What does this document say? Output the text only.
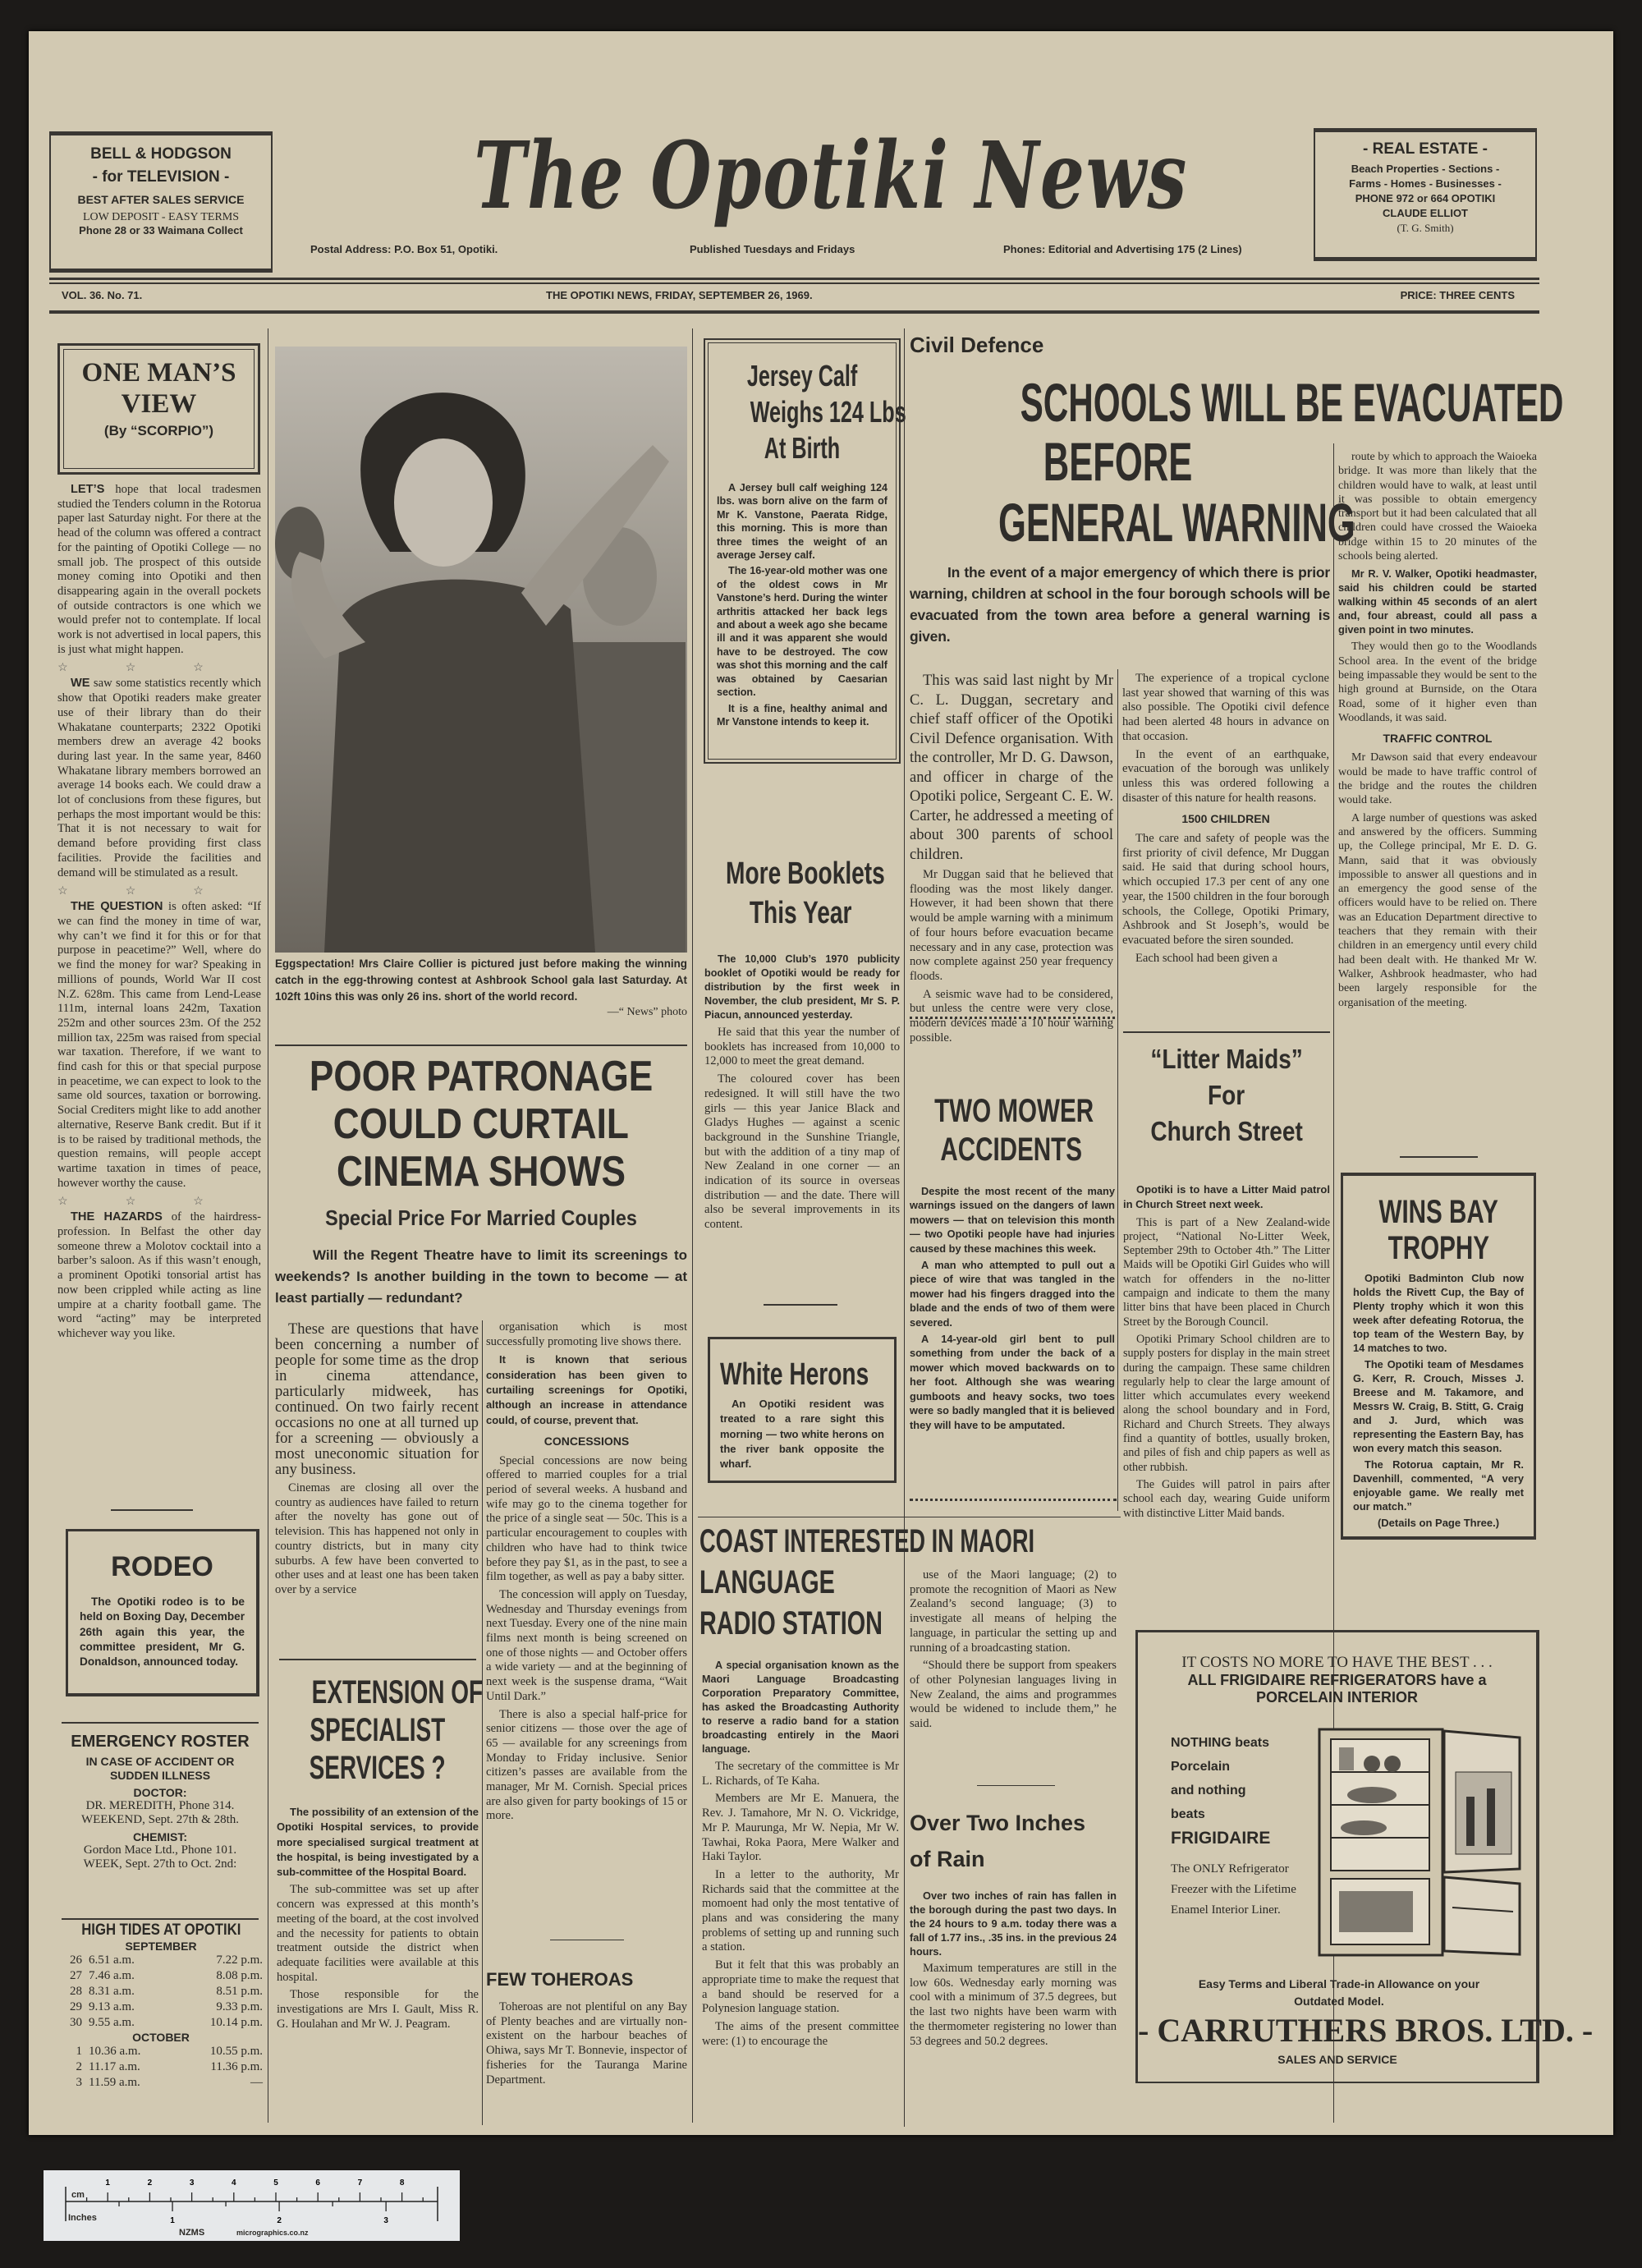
BELL & HODGSON
- for TELEVISION -
BEST AFTER SALES SERVICE
LOW DEPOSIT - EASY TERMS
Phone 28 or 33 Waimana Collect
The Opotiki News
Postal Address: P.O. Box 51, Opotiki.	Published Tuesdays and Fridays	Phones: Editorial and Advertising 175 (2 Lines)
- REAL ESTATE -
Beach Properties - Sections -
Farms - Homes - Businesses -
PHONE 972 or 664 OPOTIKI
CLAUDE ELLIOT
(T. G. Smith)
VOL. 36. No. 71.	THE OPOTIKI NEWS, FRIDAY, SEPTEMBER 26, 1969.	PRICE: THREE CENTS
ONE MAN’S
VIEW
(By “SCORPIO”)

LET’S hope that local tradesmen studied the Tenders column in the Rotorua paper last Saturday night. For there at the head of the column was offered a contract for the painting of Opotiki College — no small job. The prospect of this outside money coming into Opotiki and then disappearing again in the overall pockets of outside contractors is one which we would prefer not to contemplate. If local work is not advertised in local papers, this is just what might happen.

☆☆☆

WE saw some statistics recently which show that Opotiki readers make greater use of their library than do their Whakatane counterparts; 2322 Opotiki members drew an average 42 books during last year. In the same year, 8460 Whakatane library members borrowed an average 14 books each. We could draw a lot of conclusions from these figures, but perhaps the most important would be this: That it is not necessary to wait for demand before providing first class facilities. Provide the facilities and demand will be stimulated as a result.

☆☆☆

THE QUESTION is often asked: “If we can find the money in time of war, why can’t we find it for this or for that purpose in peacetime?” Well, where do we find the money for war? Speaking in millions of pounds, World War II cost N.Z. 628m. This came from Lend-Lease 111m, internal loans 242m, Taxation 252m and other sources 23m. Of the 252 million tax, 225m was raised from special war taxation. Therefore, if we want to find cash for this or that special purpose in peacetime, we can expect to look to the same old sources, taxation or borrowing. Social Crediters might like to add another alternative, Reserve Bank credit. But if it is to be raised by traditional methods, the question remains, will people accept wartime taxation in times of peace, however worthy the cause.

☆☆☆

THE HAZARDS of the hairdress-profession. In Belfast the other day someone threw a Molotov cocktail into a barber’s saloon. As if this wasn’t enough, a prominent Opotiki tonsorial artist has now been crippled while acting as line umpire at a charity football game. The word “acting” may be interpreted whichever way you like.

RODEO
The Opotiki rodeo is to be held on Boxing Day, December 26th again this year, the committee president, Mr G. Donaldson, announced today.
EMERGENCY ROSTER
IN CASE OF ACCIDENT OR SUDDEN ILLNESS
DOCTOR:
DR. MEREDITH, Phone 314.
WEEKEND, Sept. 27th & 28th.
CHEMIST:
Gordon Mace Ltd., Phone 101.
WEEK, Sept. 27th to Oct. 2nd:
HIGH TIDES AT OPOTIKI
SEPTEMBER
26	6.51 a.m.	7.22 p.m.
27	7.46 a.m.	8.08 p.m.
28	8.31 a.m.	8.51 p.m.
29	9.13 a.m.	9.33 p.m.
30	9.55 a.m.	10.14 p.m.
OCTOBER
1	10.36 a.m.	10.55 p.m.
2	11.17 a.m.	11.36 p.m.
3	11.59 a.m.	—
Eggspectation! Mrs Claire Collier is pictured just before making the winning catch in the egg-throwing contest at Ashbrook School gala last Saturday. At 102ft 10ins this was only 26 ins. short of the world record.
—“ News” photo
POOR PATRONAGE
COULD CURTAIL
CINEMA SHOWS
Special Price For Married Couples
Will the Regent Theatre have to limit its screenings to weekends? Is another building in the town to become — at least partially — redundant?

These are questions that have been concerning a number of people for some time as the drop in cinema attendance, particularly midweek, has continued. On two fairly recent occasions no one at all turned up for a screening — obviously a most uneconomic situation for any business.

Cinemas are closing all over the country as audiences have failed to return after the novelty has gone out of television. This has happened not only in country districts, but in many city suburbs. A few have been converted to other uses and at least one has been taken over by a service

organisation which is most successfully promoting live shows there.

It is known that serious consideration has been given to curtailing screenings for Opotiki, although an increase in attendance could, of course, prevent that.

CONCESSIONS

Special concessions are now being offered to married couples for a trial period of several weeks. A husband and wife may go to the cinema together for the price of a single seat — 50c. This is a particular encouragement to couples with children who have had to think twice before they pay $1, as in the past, to see a film together, as well as pay a baby sitter.

The concession will apply on Tuesday, Wednesday and Thursday evenings from next Tuesday. Every one of the nine main films next month is being screened on one of those nights — and October offers a wide variety — and at the beginning of next week is the suspense drama, “Wait Until Dark.”

There is also a special half-price for senior citizens — those over the age of 65 — available for any screenings from Monday to Friday inclusive. Senior citizen’s passes are available from the manager, Mr M. Cornish. Special prices are also given for party bookings of 15 or more.

EXTENSION OF
SPECIALIST
SERVICES ?

The possibility of an extension of the Opotiki Hospital services, to provide more specialised surgical treatment at the hospital, is being investigated by a sub-committee of the Hospital Board.

The sub-committee was set up after concern was expressed at this month’s meeting of the board, at the cost involved and the necessity for patients to obtain treatment outside the district when adequate facilities were available at this hospital.

Those responsible for the investigations are Mrs I. Gault, Miss R. G. Houlahan and Mr W. J. Peagram.

FEW TOHEROAS

Toheroas are not plentiful on any Bay of Plenty beaches and are virtually non-existent on the harbour beaches of Ohiwa, says Mr T. Bonnevie, inspector of fisheries for the Tauranga Marine Department.

Jersey Calf
Weighs 124 Lbs
At Birth

A Jersey bull calf weighing 124 lbs. was born alive on the farm of Mr K. Vanstone, Paerata Ridge, this morning. This is more than three times the weight of an average Jersey calf.

The 16-year-old mother was one of the oldest cows in Mr Vanstone’s herd. During the winter arthritis attacked her back legs and about a week ago she became ill and it was apparent she would have to be destroyed. The cow was shot this morning and the calf was obtained by Caesarian section.

It is a fine, healthy animal and Mr Vanstone intends to keep it.

More Booklets
This Year

The 10,000 Club’s 1970 publicity booklet of Opotiki would be ready for distribution by the first week in November, the club president, Mr S. P. Piacun, announced yesterday.

He said that this year the number of booklets has increased from 10,000 to 12,000 to meet the great demand.

The coloured cover has been redesigned. It will still have the two girls — this year Janice Black and Gladys Hughes — against a scenic background in the Sunshine Triangle, but with the addition of a tiny map of New Zealand in one corner — an indication of its source in overseas distribution — and the date. There will also be several improvements in its content.

White Herons
An Opotiki resident was treated to a rare sight this morning — two white herons on the river bank opposite the wharf.
COAST INTERESTED IN MAORI
LANGUAGE
RADIO STATION

A special organisation known as the Maori Language Broadcasting Corporation Preparatory Committee, has asked the Broadcasting Authority to reserve a radio band for a station broadcasting entirely in the Maori language.

The secretary of the committee is Mr L. Richards, of Te Kaha.

Members are Mr E. Manuera, the Rev. J. Tamahore, Mr N. O. Vickridge, Mr P. Maurunga, Mr W. Nepia, Mr W. Tawhai, Roka Paora, Mere Walker and Haki Taylor.

In a letter to the authority, Mr Richards said that the committee at the momoent had only the most tentative of plans and was considering the many problems of setting up and running such a station.

But it felt that this was probably an appropriate time to make the request that a band should be reserved for a Polynesion language station.

The aims of the present committee were: (1) to encourage the

use of the Maori language; (2) to promote the recognition of Maori as New Zealand’s second language; (3) to investigate all means of helping the language, in particular the setting up and running of a broadcasting station.

“Should there be support from speakers of other Polynesian languages living in New Zealand, the aims and programmes would be widened to include them,” he said.

Over Two Inches
of Rain

Over two inches of rain has fallen in the borough during the past two days. In the 24 hours to 9 a.m. today there was a fall of 1.77 ins., .35 ins. in the previous 24 hours.

Maximum temperatures are still in the low 60s. Wednesday early morning was cool with a minimum of 37.5 degrees, but the last two nights have been warm with the thermometer registering no lower than 53 degrees and 50.2 degrees.

Civil Defence
SCHOOLS WILL BE EVACUATED
BEFORE
GENERAL WARNING
In the event of a major emergency of which there is prior warning, children at school in the four borough schools will be evacuated from the town area before a general warning is given.

This was said last night by Mr C. L. Duggan, secretary and chief staff officer of the Opotiki Civil Defence organisation. With the controller, Mr D. G. Dawson, and officer in charge of the Opotiki police, Sergeant C. E. W. Carter, he addressed a meeting of about 300 parents of school children.

Mr Duggan said that he believed that flooding was the most likely danger. However, it had been shown that there would be ample warning with a minimum of four hours before evacuation became necessary and in any case, protection was now complete against 250 year frequency floods.

A seismic wave had to be considered, but unless the centre were very close, modern devices made a 10 hour warning possible.

The experience of a tropical cyclone last year showed that warning of this was also possible. The Opotiki civil defence had been alerted 48 hours in advance on that occasion.

In the event of an earthquake, evacuation of the borough was unlikely unless this was ordered following a disaster of this nature for health reasons.

1500 CHILDREN

The care and safety of people was the first priority of civil defence, Mr Duggan said. He said that during school hours, which occupied 17.3 per cent of any one year, the 1500 children in the four borough schools, the College, Opotiki Primary, Ashbrook and St Joseph’s, would be evacuated before the siren sounded.

Each school had been given a

route by which to approach the Waioeka bridge. It was more than likely that the children would have to walk, at least until it was possible to obtain emergency transport but it had been calculated that all children could have crossed the Waioeka bridge within 15 to 20 minutes of the schools being alerted.

Mr R. V. Walker, Opotiki headmaster, said his children could be started walking within 45 seconds of an alert and, four abreast, could all pass a given point in two minutes.

They would then go to the Woodlands School area. In the event of the bridge being impassable they would be sent to the high ground at Burnside, on the Otara Road, some of it higher even than Woodlands, it was said.

TRAFFIC CONTROL

Mr Dawson said that every endeavour would be made to have traffic control of the bridge and the routes the children would take.

A large number of questions was asked and answered by the officers. Summing up, the College principal, Mr E. D. G. Mann, said that it was obviously impossible to answer all questions and in an emergency the good sense of the officers would have to be relied on. There was an Education Department directive to teachers that they remain with their children in an emergency until every child had been dealt with. He thanked Mr W. Walker, Ashbrook headmaster, who had been largely responsible for the organisation of the meeting.

TWO MOWER
ACCIDENTS

Despite the most recent of the many warnings issued on the dangers of lawn mowers — that on television this month — two Opotiki people have had injuries caused by these machines this week.

A man who attempted to pull out a piece of wire that was tangled in the mower had his fingers dragged into the blade and the ends of two of them were severed.

A 14-year-old girl bent to pull something from under the back of a mower which moved backwards on to her foot. Although she was wearing gumboots and heavy socks, two toes were so badly mangled that it is believed they will have to be amputated.

“Litter Maids”
For
Church Street

Opotiki is to have a Litter Maid patrol in Church Street next week.

This is part of a New Zealand-wide project, “National No-Litter Week, September 29th to October 4th.” The Litter Maids will be Opotiki Girl Guides who will watch for offenders in the no-litter campaign and indicate to them the many litter bins that have been placed in Church Street by the Borough Council.

Opotiki Primary School children are to supply posters for display in the main street during the campaign. These same children regularly help to clear the large amount of litter which accumulates every weekend along the school boundary and in Ford, Richard and Church Streets. They always find a quantity of bottles, usually broken, and piles of fish and chip papers as well as other rubbish.

The Guides will patrol in pairs after school each day, wearing Guide uniform with distinctive Litter Maid bands.

WINS BAY
TROPHY

Opotiki Badminton Club now holds the Rivett Cup, the Bay of Plenty trophy which it won this week after defeating Rotorua, the top team of the Western Bay, by 14 matches to two.

The Opotiki team of Mesdames G. Kerr, R. Crouch, Misses J. Breese and M. Takamore, and Messrs W. Craig, B. Stitt, G. Craig and J. Jurd, which was representing the Eastern Bay, has won every match this season.

The Rotorua captain, Mr R. Davenhill, commented, “A very enjoyable game. We really met our match.”

(Details on Page Three.)
IT COSTS NO MORE TO HAVE THE BEST . . .
ALL FRIGIDAIRE REFRIGERATORS have a
PORCELAIN INTERIOR
NOTHING beats
Porcelain
and nothing
beats
FRIGIDAIRE
The ONLY Refrigerator Freezer with the Lifetime Enamel Interior Liner.
Easy Terms and Liberal Trade-in Allowance on your Outdated Model.
- CARRUTHERS BROS. LTD. -
SALES AND SERVICE
1	2	3	4	5	6	7	8
1	2	3
cm
Inches
NZMS	micrographics.co.nz
